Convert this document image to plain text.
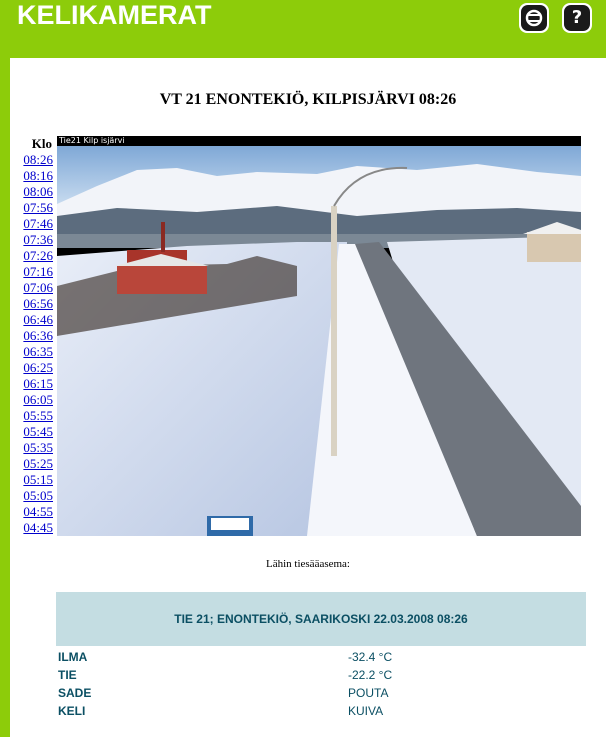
KELIKAMERAT	?
VT 21 ENONTEKIÖ, KILPISJÄRVI 08:26
Klo
08:26
08:16
08:06
07:56
07:46
07:36
07:26
07:16
07:06
06:56
06:46
06:36
06:35
06:25
06:15
06:05
05:55
05:45
05:35
05:25
05:15
05:05
04:55
04:45
Tie21 Kilp isjärvi
Lähin tiesääasema:
TIE 21; ENONTEKIÖ, SAARIKOSKI 22.03.2008 08:26
ILMA	-32.4 °C
TIE	-22.2 °C
SADE	POUTA
KELI	KUIVA
